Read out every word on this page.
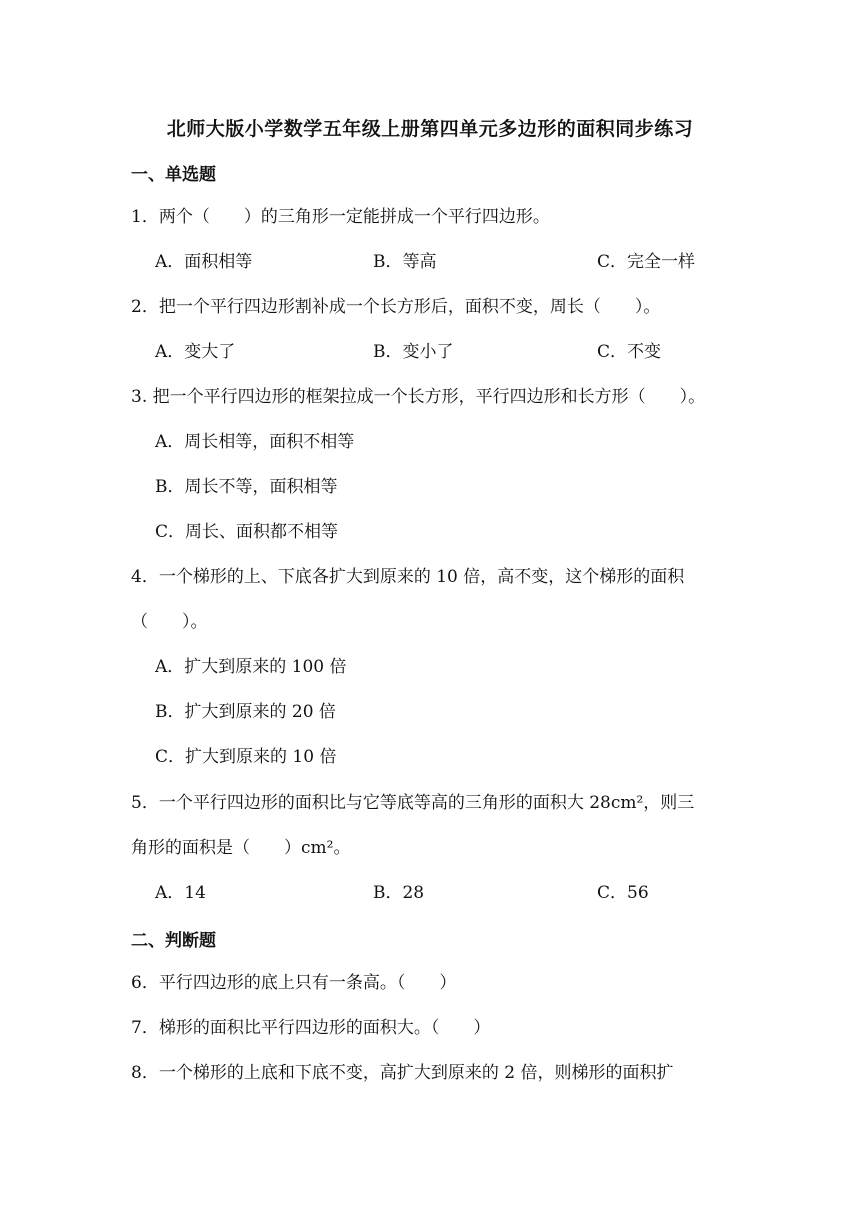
北师大版小学数学五年级上册第四单元多边形的面积同步练习
一、单选题
1．两个（　　）的三角形一定能拼成一个平行四边形。
A．面积相等	B．等高	C．完全一样
2．把一个平行四边形割补成一个长方形后，面积不变，周长（　　）。
A．变大了	B．变小了	C．不变
3. 把一个平行四边形的框架拉成一个长方形，平行四边形和长方形（　　）。
A．周长相等，面积不相等
B．周长不等，面积相等
C．周长、面积都不相等
4．一个梯形的上、下底各扩大到原来的 10 倍，高不变，这个梯形的面积
（　　）。
A．扩大到原来的 100 倍
B．扩大到原来的 20 倍
C．扩大到原来的 10 倍
5．一个平行四边形的面积比与它等底等高的三角形的面积大 28cm²，则三
角形的面积是（　　）cm²。
A．14	B．28	C．56
二、判断题
6．平行四边形的底上只有一条高。（　　）
7．梯形的面积比平行四边形的面积大。（　　）
8．一个梯形的上底和下底不变，高扩大到原来的 2 倍，则梯形的面积扩
